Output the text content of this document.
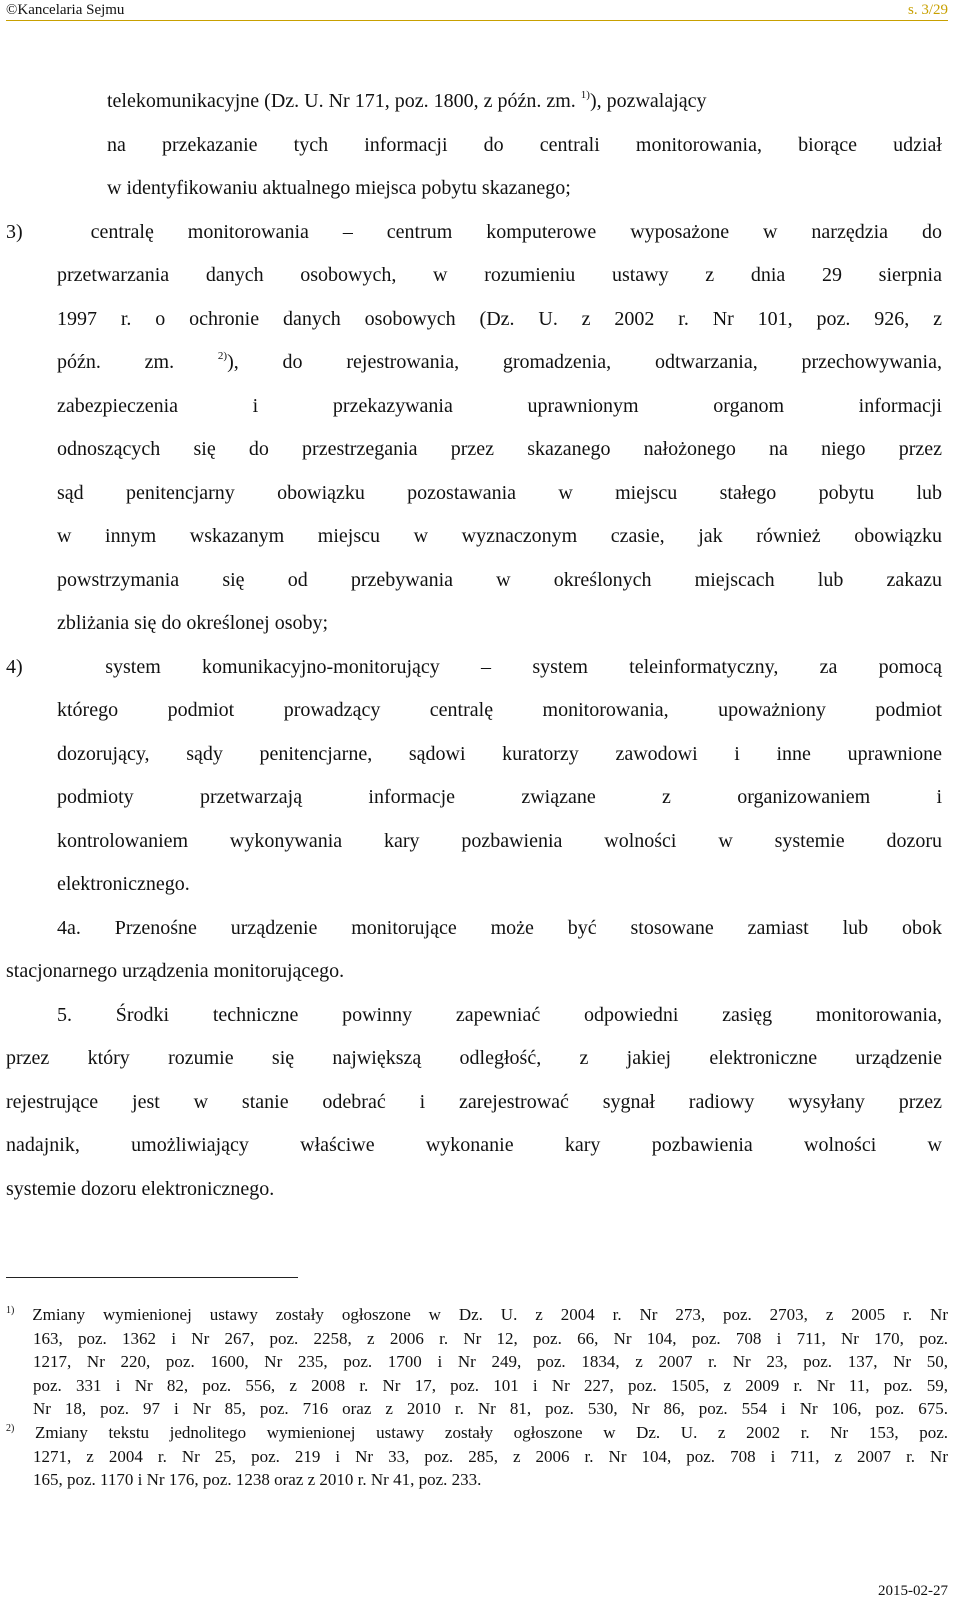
©Kancelaria Sejmu	s. 3/29
telekomunikacyjne (Dz. U. Nr 171, poz. 1800, z późn. zm. $^{1)}$), pozwalający
na przekazanie tych informacji do centrali monitorowania, biorące udział
w identyfikowaniu aktualnego miejsca pobytu skazanego;
3)  centralę monitorowania – centrum komputerowe wyposażone w narzędzia do
przetwarzania danych osobowych, w rozumieniu ustawy z dnia 29 sierpnia
1997 r. o ochronie danych osobowych (Dz. U. z 2002 r. Nr 101, poz. 926, z
późn. zm. $^{2)}$), do rejestrowania, gromadzenia, odtwarzania, przechowywania,
zabezpieczenia i przekazywania uprawnionym organom informacji
odnoszących się do przestrzegania przez skazanego nałożonego na niego przez
sąd penitencjarny obowiązku pozostawania w miejscu stałego pobytu lub
w innym wskazanym miejscu w wyznaczonym czasie, jak również obowiązku
powstrzymania się od przebywania w określonych miejscach lub zakazu
zbliżania się do określonej osoby;
4)  system komunikacyjno-monitorujący – system teleinformatyczny, za pomocą
którego podmiot prowadzący centralę monitorowania, upoważniony podmiot
dozorujący, sądy penitencjarne, sądowi kuratorzy zawodowi i inne uprawnione
podmioty przetwarzają informacje związane z organizowaniem i
kontrolowaniem wykonywania kary pozbawienia wolności w systemie dozoru
elektronicznego.
4a. Przenośne urządzenie monitorujące może być stosowane zamiast lub obok
stacjonarnego urządzenia monitorującego.
5. Środki techniczne powinny zapewniać odpowiedni zasięg monitorowania,
przez który rozumie się największą odległość, z jakiej elektroniczne urządzenie
rejestrujące jest w stanie odebrać i zarejestrować sygnał radiowy wysyłany przez
nadajnik, umożliwiający właściwe wykonanie kary pozbawienia wolności w
systemie dozoru elektronicznego.
$^{1)}$ Zmiany wymienionej ustawy zostały ogłoszone w Dz. U. z 2004 r. Nr 273, poz. 2703, z 2005 r. Nr
163, poz. 1362 i Nr 267, poz. 2258, z 2006 r. Nr 12, poz. 66, Nr 104, poz. 708 i 711, Nr 170, poz.
1217, Nr 220, poz. 1600, Nr 235, poz. 1700 i Nr 249, poz. 1834, z 2007 r. Nr 23, poz. 137, Nr 50,
poz. 331 i Nr 82, poz. 556, z 2008 r. Nr 17, poz. 101 i Nr 227, poz. 1505, z 2009 r. Nr 11, poz. 59,
Nr 18, poz. 97 i Nr 85, poz. 716 oraz z 2010 r. Nr 81, poz. 530, Nr 86, poz. 554 i Nr 106, poz. 675.
$^{2)}$ Zmiany tekstu jednolitego wymienionej ustawy zostały ogłoszone w Dz. U. z 2002 r. Nr 153, poz.
1271, z 2004 r. Nr 25, poz. 219 i Nr 33, poz. 285, z 2006 r. Nr 104, poz. 708 i 711, z 2007 r. Nr
165, poz. 1170 i Nr 176, poz. 1238 oraz z 2010 r. Nr 41, poz. 233.
2015-02-27
